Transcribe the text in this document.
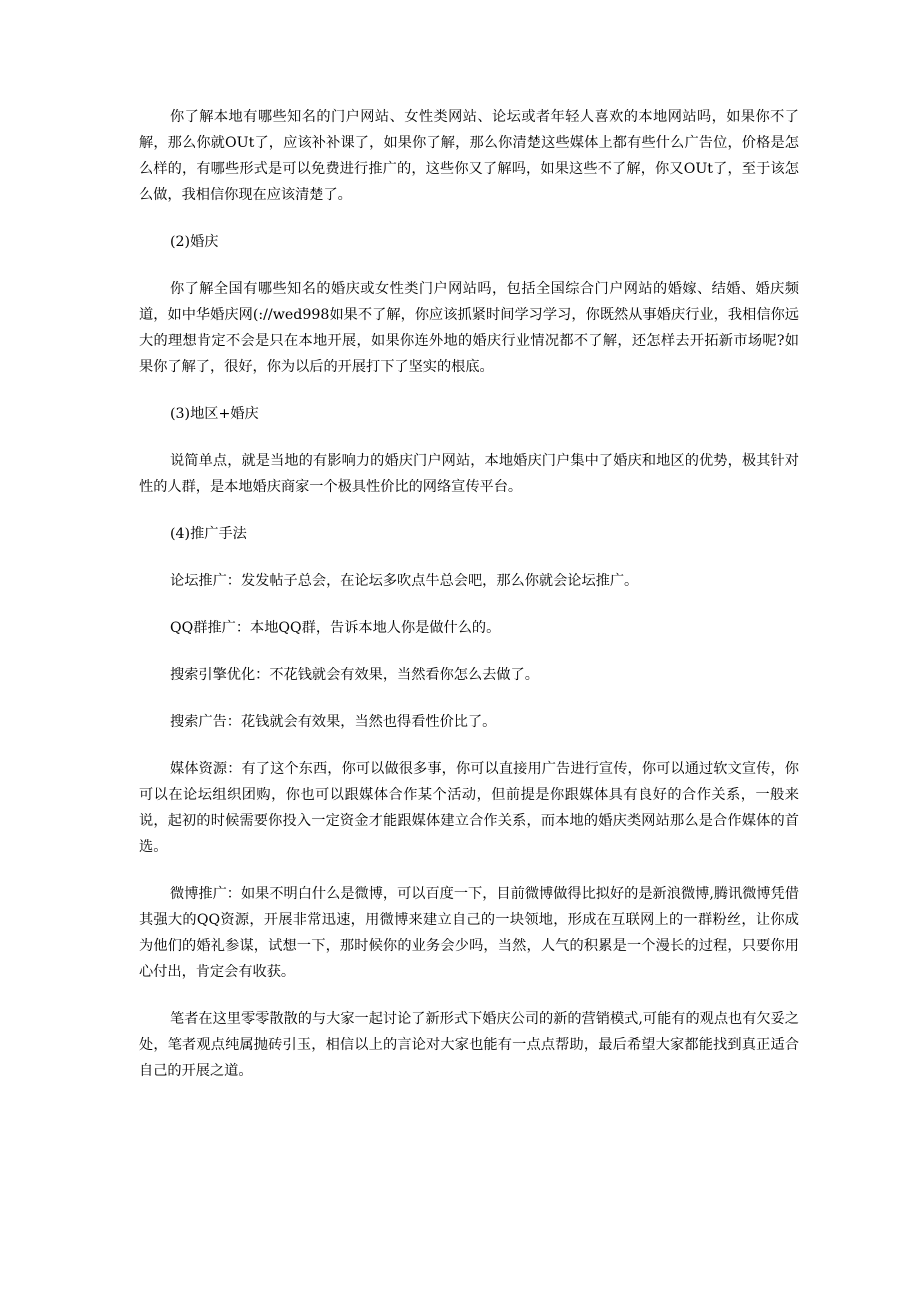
你了解本地有哪些知名的门户网站、女性类网站、论坛或者年轻人喜欢的本地网站吗，如果你不了解，那么你就OUt了，应该补补课了，如果你了解，那么你清楚这些媒体上都有些什么广告位，价格是怎么样的，有哪些形式是可以免费进行推广的，这些你又了解吗，如果这些不了解，你又OUt了，至于该怎么做，我相信你现在应该清楚了。

(2)婚庆

你了解全国有哪些知名的婚庆或女性类门户网站吗，包括全国综合门户网站的婚嫁、结婚、婚庆频道，如中华婚庆网(://wed998如果不了解，你应该抓紧时间学习学习，你既然从事婚庆行业，我相信你远大的理想肯定不会是只在本地开展，如果你连外地的婚庆行业情况都不了解，还怎样去开拓新市场呢?如果你了解了，很好，你为以后的开展打下了坚实的根底。

(3)地区+婚庆

说简单点，就是当地的有影响力的婚庆门户网站，本地婚庆门户集中了婚庆和地区的优势，极其针对性的人群，是本地婚庆商家一个极具性价比的网络宣传平台。

(4)推广手法

论坛推广：发发帖子总会，在论坛多吹点牛总会吧，那么你就会论坛推广。

QQ群推广：本地QQ群，告诉本地人你是做什么的。

搜索引擎优化：不花钱就会有效果，当然看你怎么去做了。

搜索广告：花钱就会有效果，当然也得看性价比了。

媒体资源：有了这个东西，你可以做很多事，你可以直接用广告进行宣传，你可以通过软文宣传，你可以在论坛组织团购，你也可以跟媒体合作某个活动，但前提是你跟媒体具有良好的合作关系，一般来说，起初的时候需要你投入一定资金才能跟媒体建立合作关系，而本地的婚庆类网站那么是合作媒体的首选。

微博推广：如果不明白什么是微博，可以百度一下，目前微博做得比拟好的是新浪微博,腾讯微博凭借其强大的QQ资源，开展非常迅速，用微博来建立自己的一块领地，形成在互联网上的一群粉丝，让你成为他们的婚礼参谋，试想一下，那时候你的业务会少吗，当然，人气的积累是一个漫长的过程，只要你用心付出，肯定会有收获。

笔者在这里零零散散的与大家一起讨论了新形式下婚庆公司的新的营销模式,可能有的观点也有欠妥之处，笔者观点纯属抛砖引玉，相信以上的言论对大家也能有一点点帮助，最后希望大家都能找到真正适合自己的开展之道。
